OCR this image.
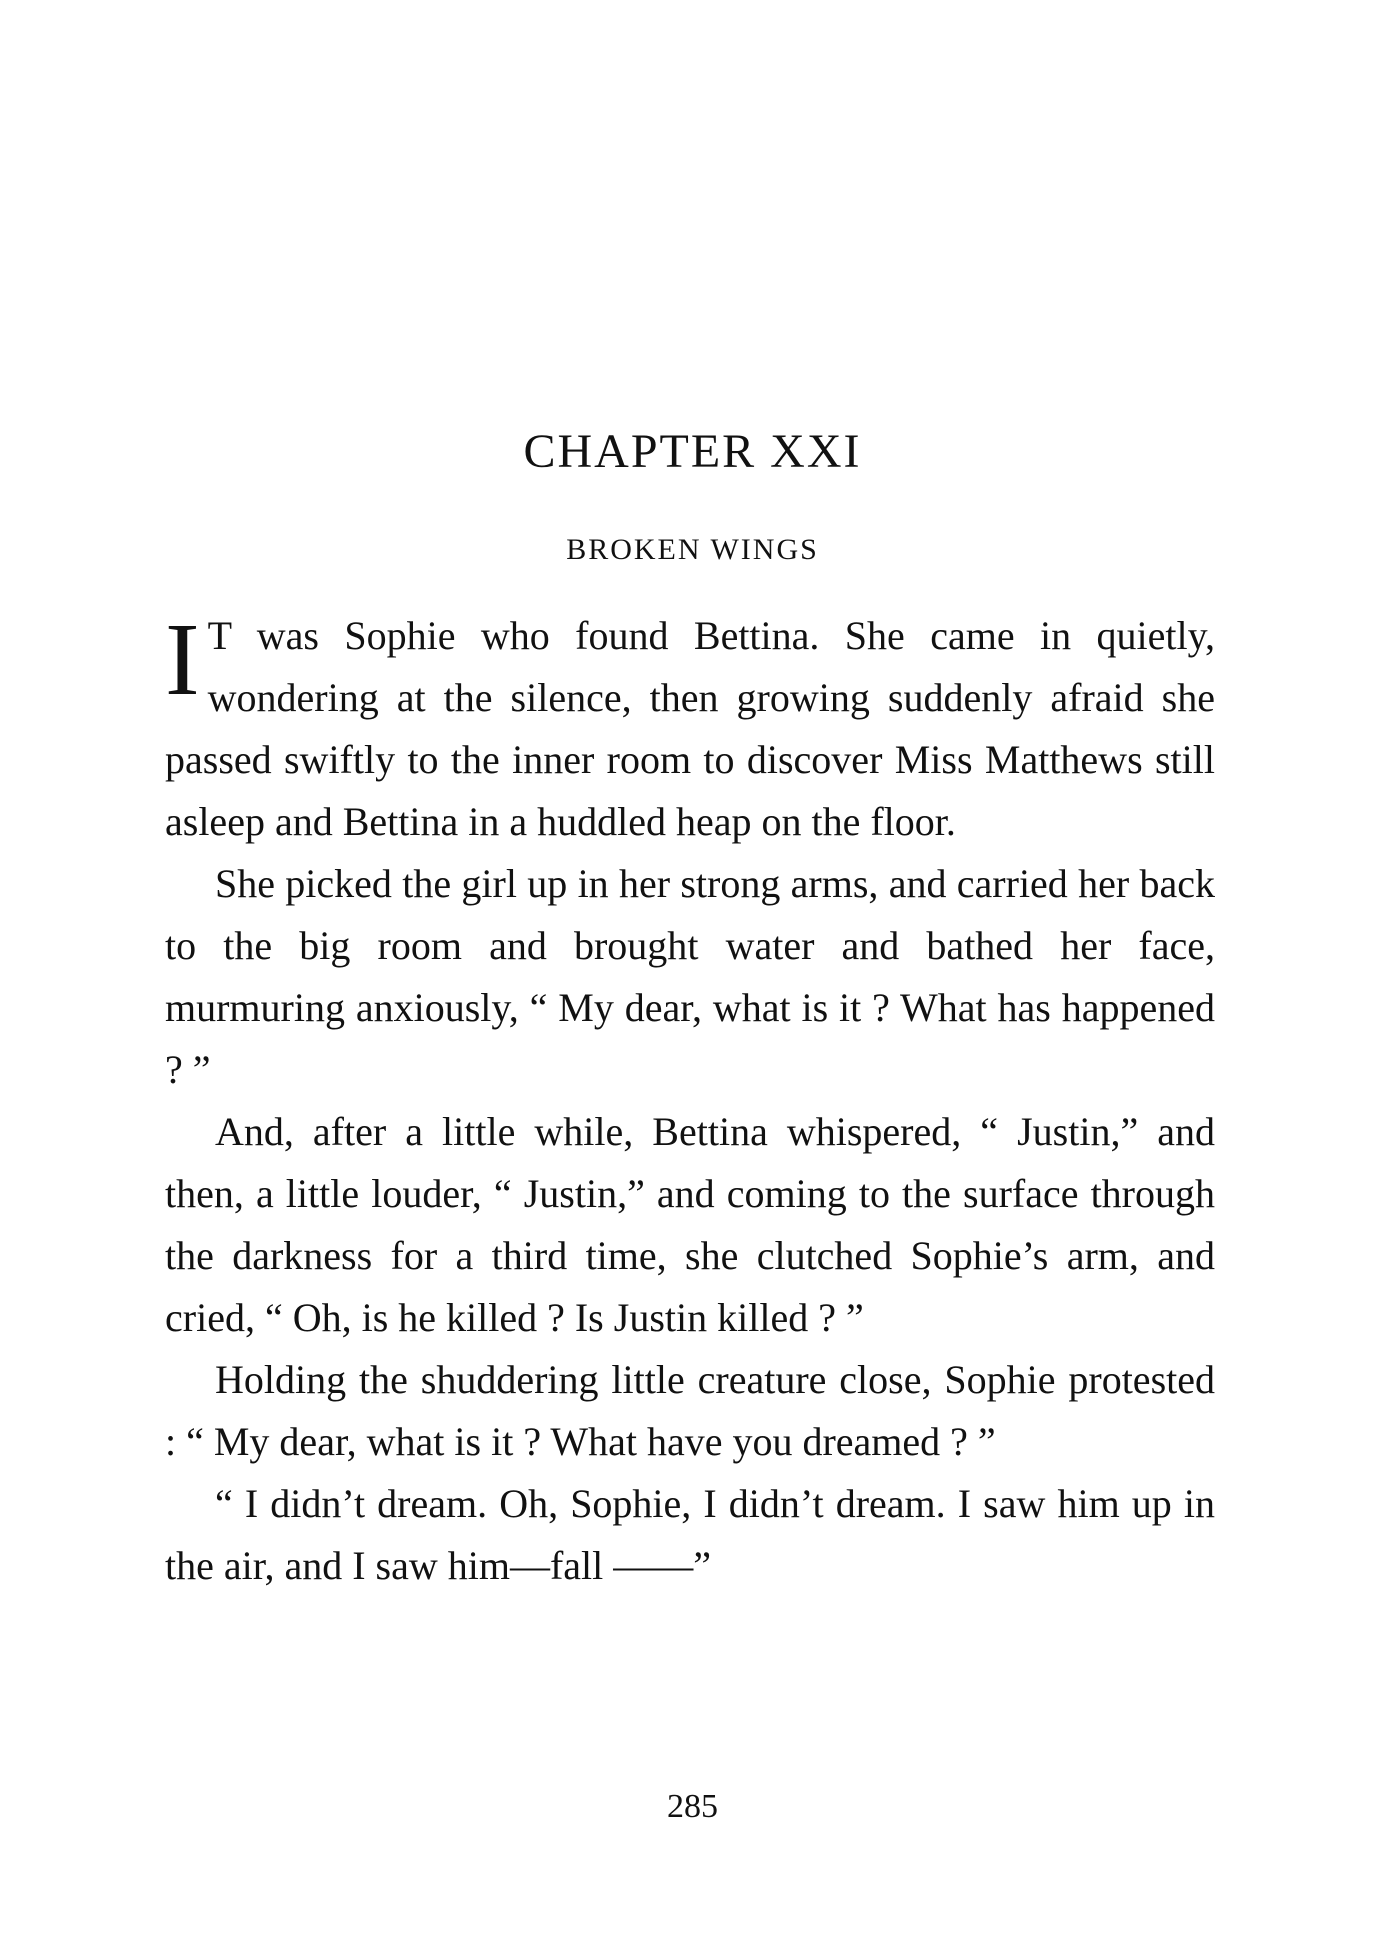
CHAPTER XXI
BROKEN WINGS

I T was Sophie who found Bettina. She came in quietly, wondering at the silence, then growing suddenly afraid she passed swiftly to the inner room to discover Miss Matthews still asleep and Bettina in a huddled heap on the floor.

She picked the girl up in her strong arms, and carried her back to the big room and brought water and bathed her face, murmuring anxiously, “ My dear, what is it ? What has happened ? ”

And, after a little while, Bettina whispered, “ Justin,” and then, a little louder, “ Justin,” and coming to the surface through the darkness for a third time, she clutched Sophie’s arm, and cried, “ Oh, is he killed ? Is Justin killed ? ”

Holding the shuddering little creature close, Sophie protested : “ My dear, what is it ? What have you dreamed ? ”

“ I didn’t dream. Oh, Sophie, I didn’t dream. I saw him up in the air, and I saw him—fall ——”

285
